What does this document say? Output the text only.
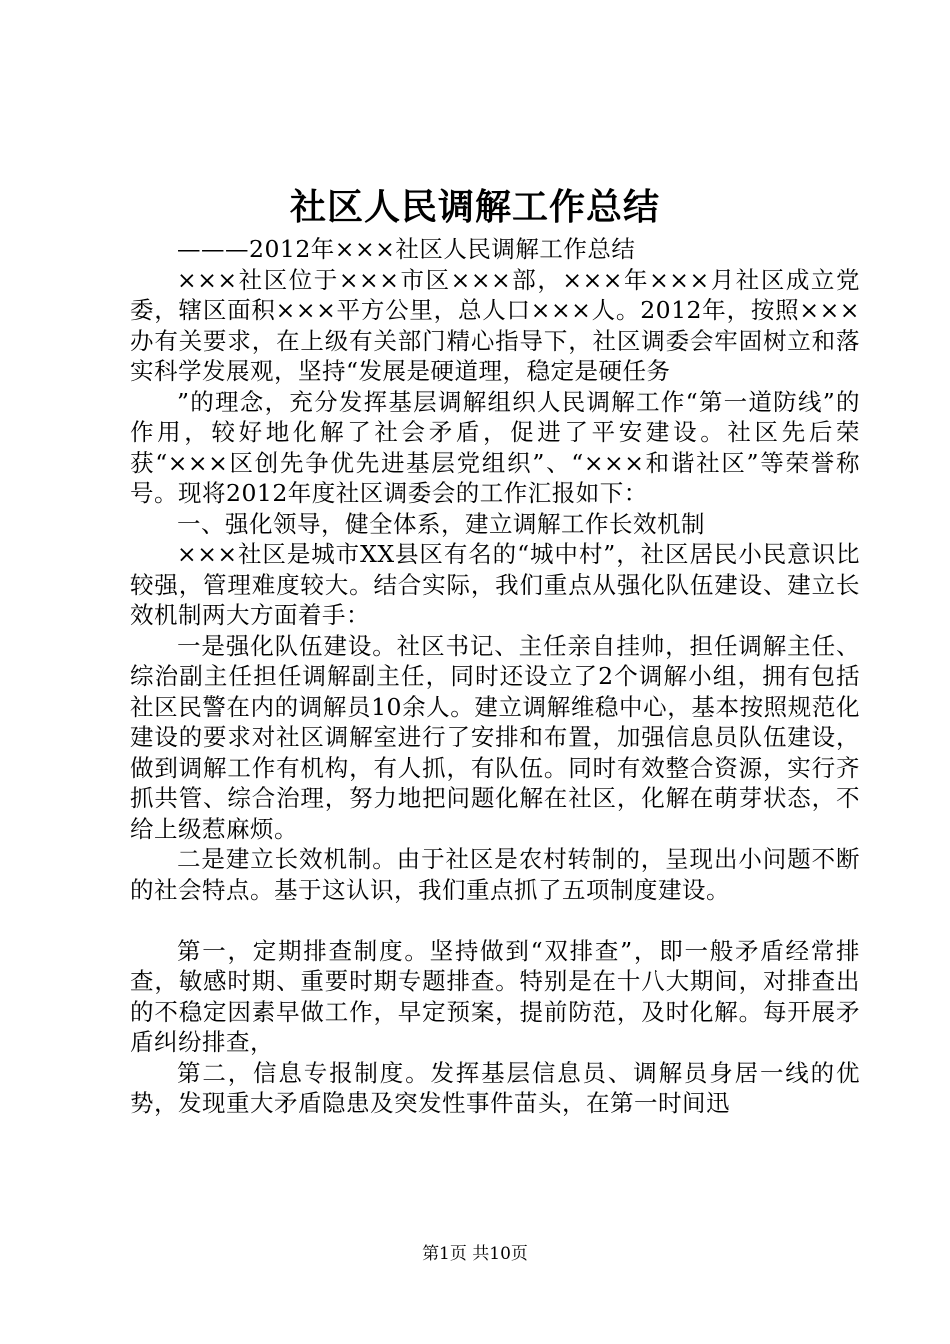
社区人民调解工作总结

———2012年×××社区人民调解工作总结

×××社区位于×××市区×××部，×××年×××月社区成立党委，辖区面积×××平方公里，总人口×××人。2012年，按照×××办有关要求，在上级有关部门精心指导下，社区调委会牢固树立和落实科学发展观，坚持“发展是硬道理，稳定是硬任务

”的理念，充分发挥基层调解组织人民调解工作“第一道防线”的作用，较好地化解了社会矛盾，促进了平安建设。社区先后荣获“×××区创先争优先进基层党组织”、“×××和谐社区”等荣誉称号。现将2012年度社区调委会的工作汇报如下：

一、强化领导，健全体系，建立调解工作长效机制

×××社区是城市XX县区有名的“城中村”，社区居民小民意识比较强，管理难度较大。结合实际，我们重点从强化队伍建设、建立长效机制两大方面着手：

一是强化队伍建设。社区书记、主任亲自挂帅，担任调解主任、综治副主任担任调解副主任，同时还设立了2个调解小组，拥有包括社区民警在内的调解员10余人。建立调解维稳中心，基本按照规范化建设的要求对社区调解室进行了安排和布置，加强信息员队伍建设，做到调解工作有机构，有人抓，有队伍。同时有效整合资源，实行齐抓共管、综合治理，努力地把问题化解在社区，化解在萌芽状态，不给上级惹麻烦。

二是建立长效机制。由于社区是农村转制的，呈现出小问题不断的社会特点。基于这认识，我们重点抓了五项制度建设。

第一，定期排查制度。坚持做到“双排查”，即一般矛盾经常排查，敏感时期、重要时期专题排查。特别是在十八大期间，对排查出的不稳定因素早做工作，早定预案，提前防范，及时化解。每开展矛盾纠纷排查，

第二，信息专报制度。发挥基层信息员、调解员身居一线的优势，发现重大矛盾隐患及突发性事件苗头，在第一时间迅

第1页 共10页
